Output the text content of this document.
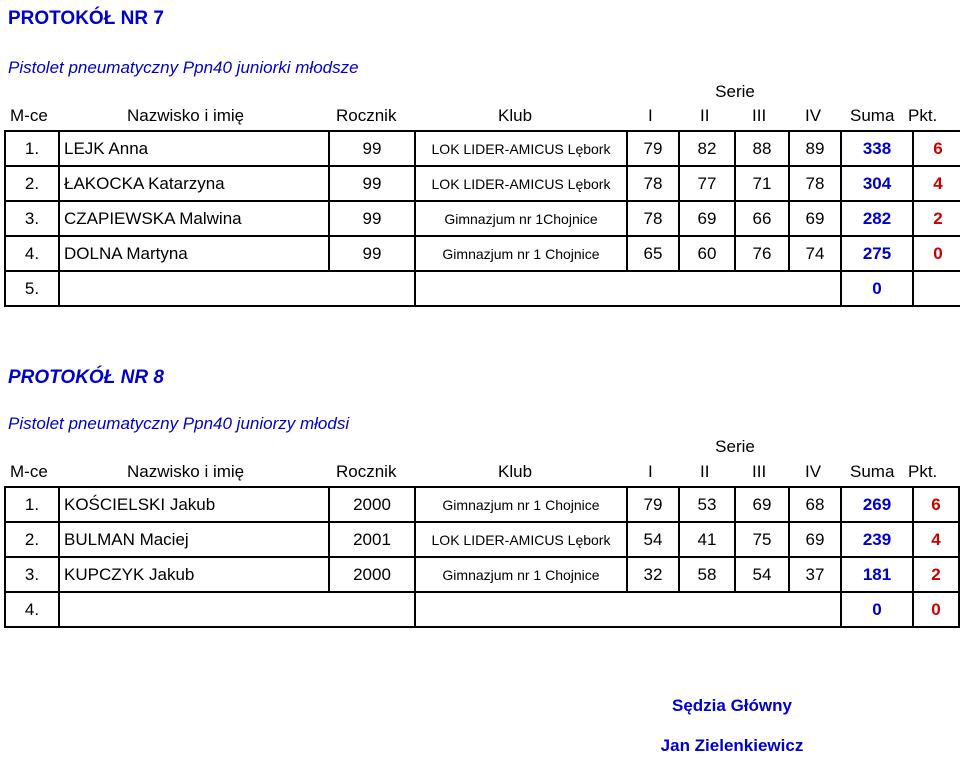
PROTOKÓŁ NR 7
Pistolet pneumatyczny Ppn40 juniorki młodsze
Serie
M-ce	Nazwisko i imię	Rocznik	Klub	I	II	III IV Suma Pkt.
1.	LEJK Anna	99	LOK LIDER-AMICUS Lębork	79	82	88	89	338	6
2.	ŁAKOCKA Katarzyna	99	LOK LIDER-AMICUS Lębork	78	77	71	78	304	4
3.	CZAPIEWSKA Malwina	99	Gimnazjum nr 1Chojnice	78	69	66	69	282	2
4.	DOLNA Martyna	99	Gimnazjum nr 1 Chojnice	65	60	76	74	275	0
5.								0	
PROTOKÓŁ NR 8
Pistolet pneumatyczny Ppn40 juniorzy młodsi
Serie
M-ce	Nazwisko i imię	Rocznik	Klub	I	II	III IV Suma Pkt.
1.	KOŚCIELSKI Jakub	2000	Gimnazjum nr 1 Chojnice	79	53	69	68	269	6
2.	BULMAN Maciej	2001	LOK LIDER-AMICUS Lębork	54	41	75	69	239	4
3.	KUPCZYK Jakub	2000	Gimnazjum nr 1 Chojnice	32	58	54	37	181	2
4.								0	0
Sędzia Główny
Jan Zielenkiewicz
